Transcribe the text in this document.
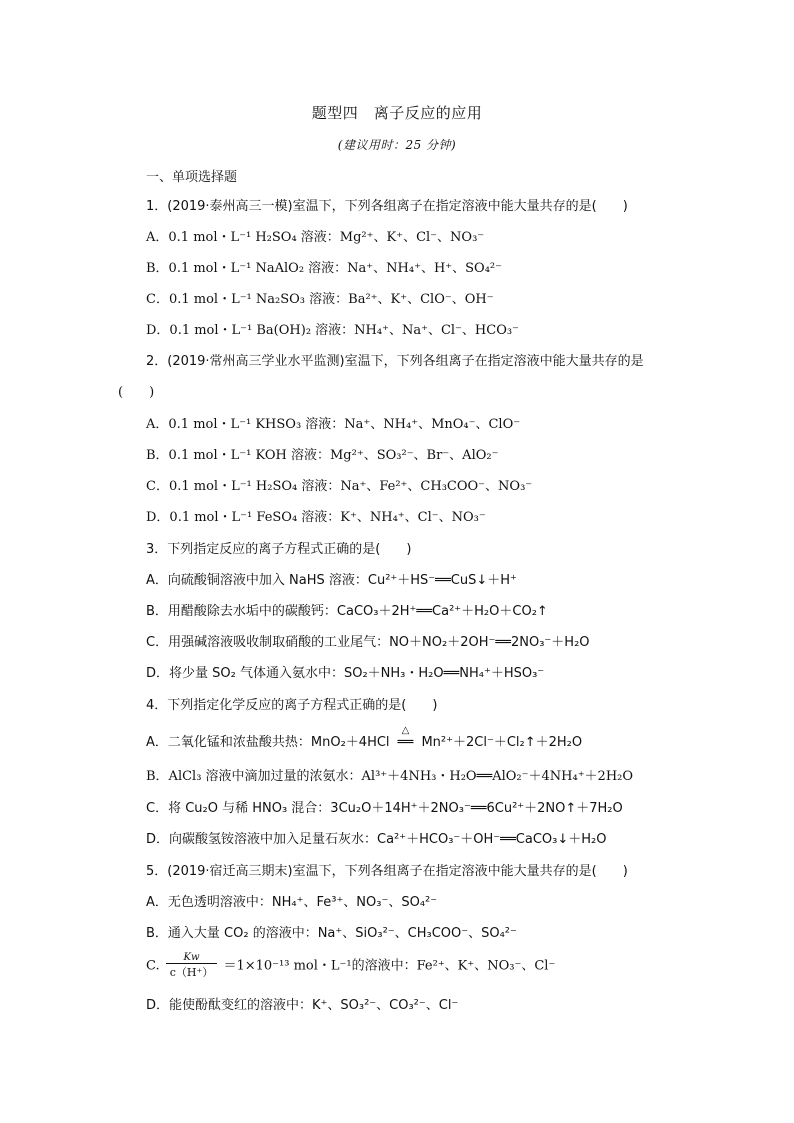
题型四　离子反应的应用
(建议用时：25 分钟)
一、单项选择题
1．(2019·泰州高三一模)室温下，下列各组离子在指定溶液中能大量共存的是(　　)
A．0.1 mol・L⁻¹ H₂SO₄ 溶液：Mg²⁺、K⁺、Cl⁻、NO₃⁻
B．0.1 mol・L⁻¹ NaAlO₂ 溶液：Na⁺、NH₄⁺、H⁺、SO₄²⁻
C．0.1 mol・L⁻¹ Na₂SO₃ 溶液：Ba²⁺、K⁺、ClO⁻、OH⁻
D．0.1 mol・L⁻¹ Ba(OH)₂ 溶液：NH₄⁺、Na⁺、Cl⁻、HCO₃⁻
2．(2019·常州高三学业水平监测)室温下，下列各组离子在指定溶液中能大量共存的是
(　　)
A．0.1 mol・L⁻¹ KHSO₃ 溶液：Na⁺、NH₄⁺、MnO₄⁻、ClO⁻
B．0.1 mol・L⁻¹ KOH 溶液：Mg²⁺、SO₃²⁻、Br⁻、AlO₂⁻
C．0.1 mol・L⁻¹ H₂SO₄ 溶液：Na⁺、Fe²⁺、CH₃COO⁻、NO₃⁻
D．0.1 mol・L⁻¹ FeSO₄ 溶液：K⁺、NH₄⁺、Cl⁻、NO₃⁻
3．下列指定反应的离子方程式正确的是(　　)
A．向硫酸铜溶液中加入 NaHS 溶液：Cu²⁺＋HS⁻══CuS↓＋H⁺
B．用醋酸除去水垢中的碳酸钙：CaCO₃＋2H⁺══Ca²⁺＋H₂O＋CO₂↑
C．用强碱溶液吸收制取硝酸的工业尾气：NO＋NO₂＋2OH⁻══2NO₃⁻＋H₂O
D．将少量 SO₂ 气体通入氨水中：SO₂＋NH₃・H₂O══NH₄⁺＋HSO₃⁻
4．下列指定化学反应的离子方程式正确的是(　　)
A．二氧化锰和浓盐酸共热：MnO₂＋4HCl
△
══ Mn²⁺＋2Cl⁻＋Cl₂↑＋2H₂O
B．AlCl₃ 溶液中滴加过量的浓氨水：Al³⁺＋4NH₃・H₂O══AlO₂⁻＋4NH₄⁺＋2H₂O
C．将 Cu₂O 与稀 HNO₃ 混合：3Cu₂O＋14H⁺＋2NO₃⁻══6Cu²⁺＋2NO↑＋7H₂O
D．向碳酸氢铵溶液中加入足量石灰水：Ca²⁺＋HCO₃⁻＋OH⁻══CaCO₃↓＋H₂O
5．(2019·宿迁高三期末)室温下，下列各组离子在指定溶液中能大量共存的是(　　)
A．无色透明溶液中：NH₄⁺、Fe³⁺、NO₃⁻、SO₄²⁻
B．通入大量 CO₂ 的溶液中：Na⁺、SiO₃²⁻、CH₃COO⁻、SO₄²⁻
C. $\frac{Kw}{c(H^+)} =1\times 10^{-13}$ mol・L⁻¹的溶液中：Fe²⁺、K⁺、NO₃⁻、Cl⁻
D．能使酚酞变红的溶液中：K⁺、SO₃²⁻、CO₃²⁻、Cl⁻
